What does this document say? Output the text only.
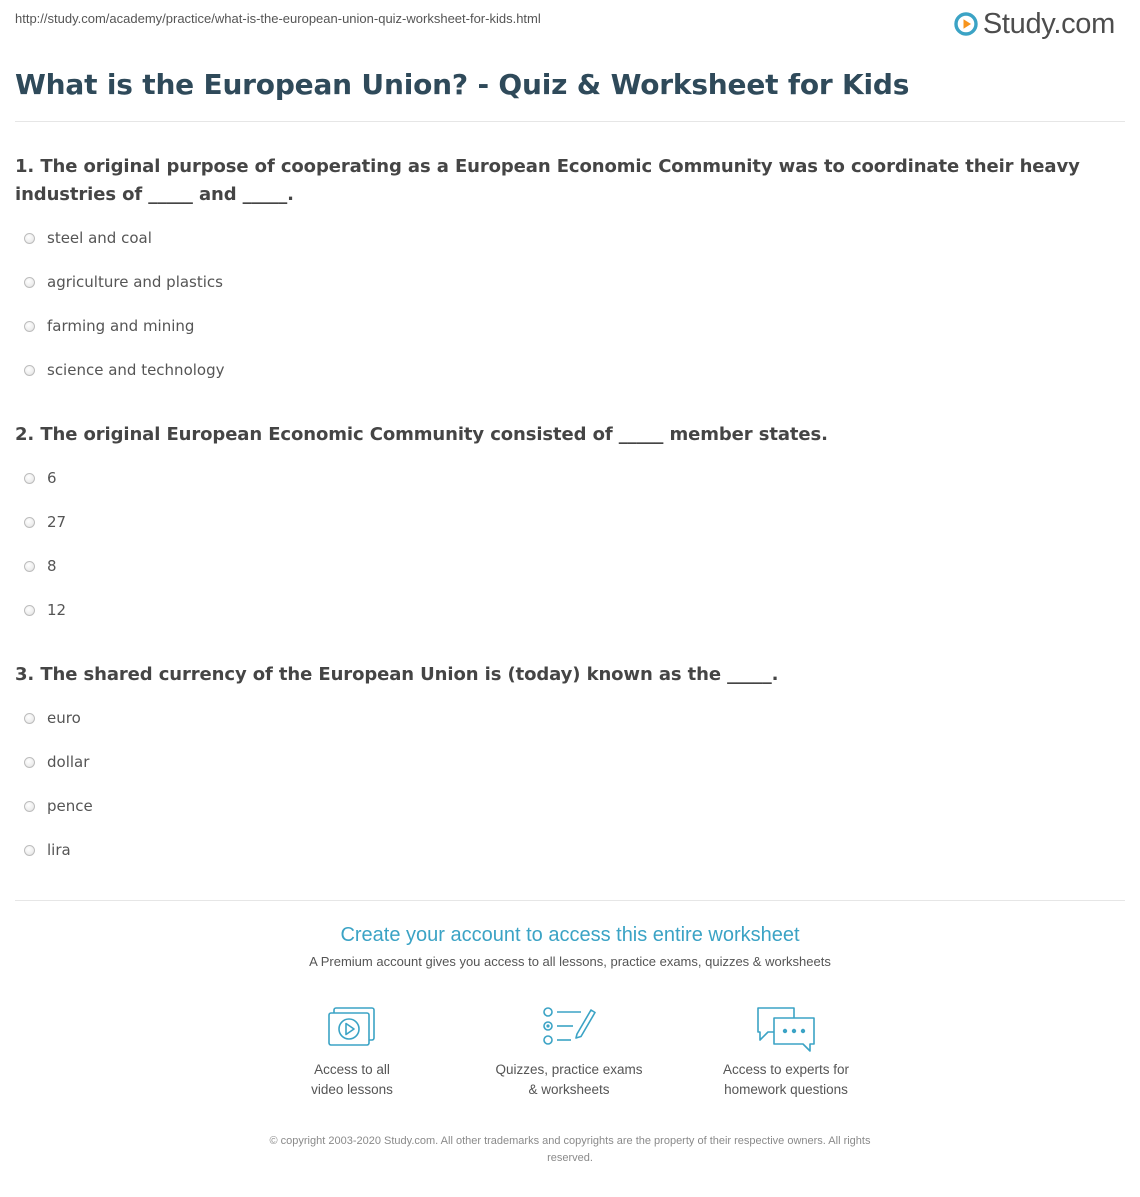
http://study.com/academy/practice/what-is-the-european-union-quiz-worksheet-for-kids.html	Study.com
What is the European Union? - Quiz & Worksheet for Kids

1. The original purpose of cooperating as a European Economic Community was to coordinate their heavy industries of _____ and _____.

steel and coal
agriculture and plastics
farming and mining
science and technology

2. The original European Economic Community consisted of _____ member states.

6
27
8
12

3. The shared currency of the European Union is (today) known as the _____.

euro
dollar
pence
lira
Create your account to access this entire worksheet
A Premium account gives you access to all lessons, practice exams, quizzes & worksheets
Access to all
video lessons
Quizzes, practice exams
& worksheets
Access to experts for
homework questions
© copyright 2003-2020 Study.com. All other trademarks and copyrights are the property of their respective owners. All rights
reserved.
